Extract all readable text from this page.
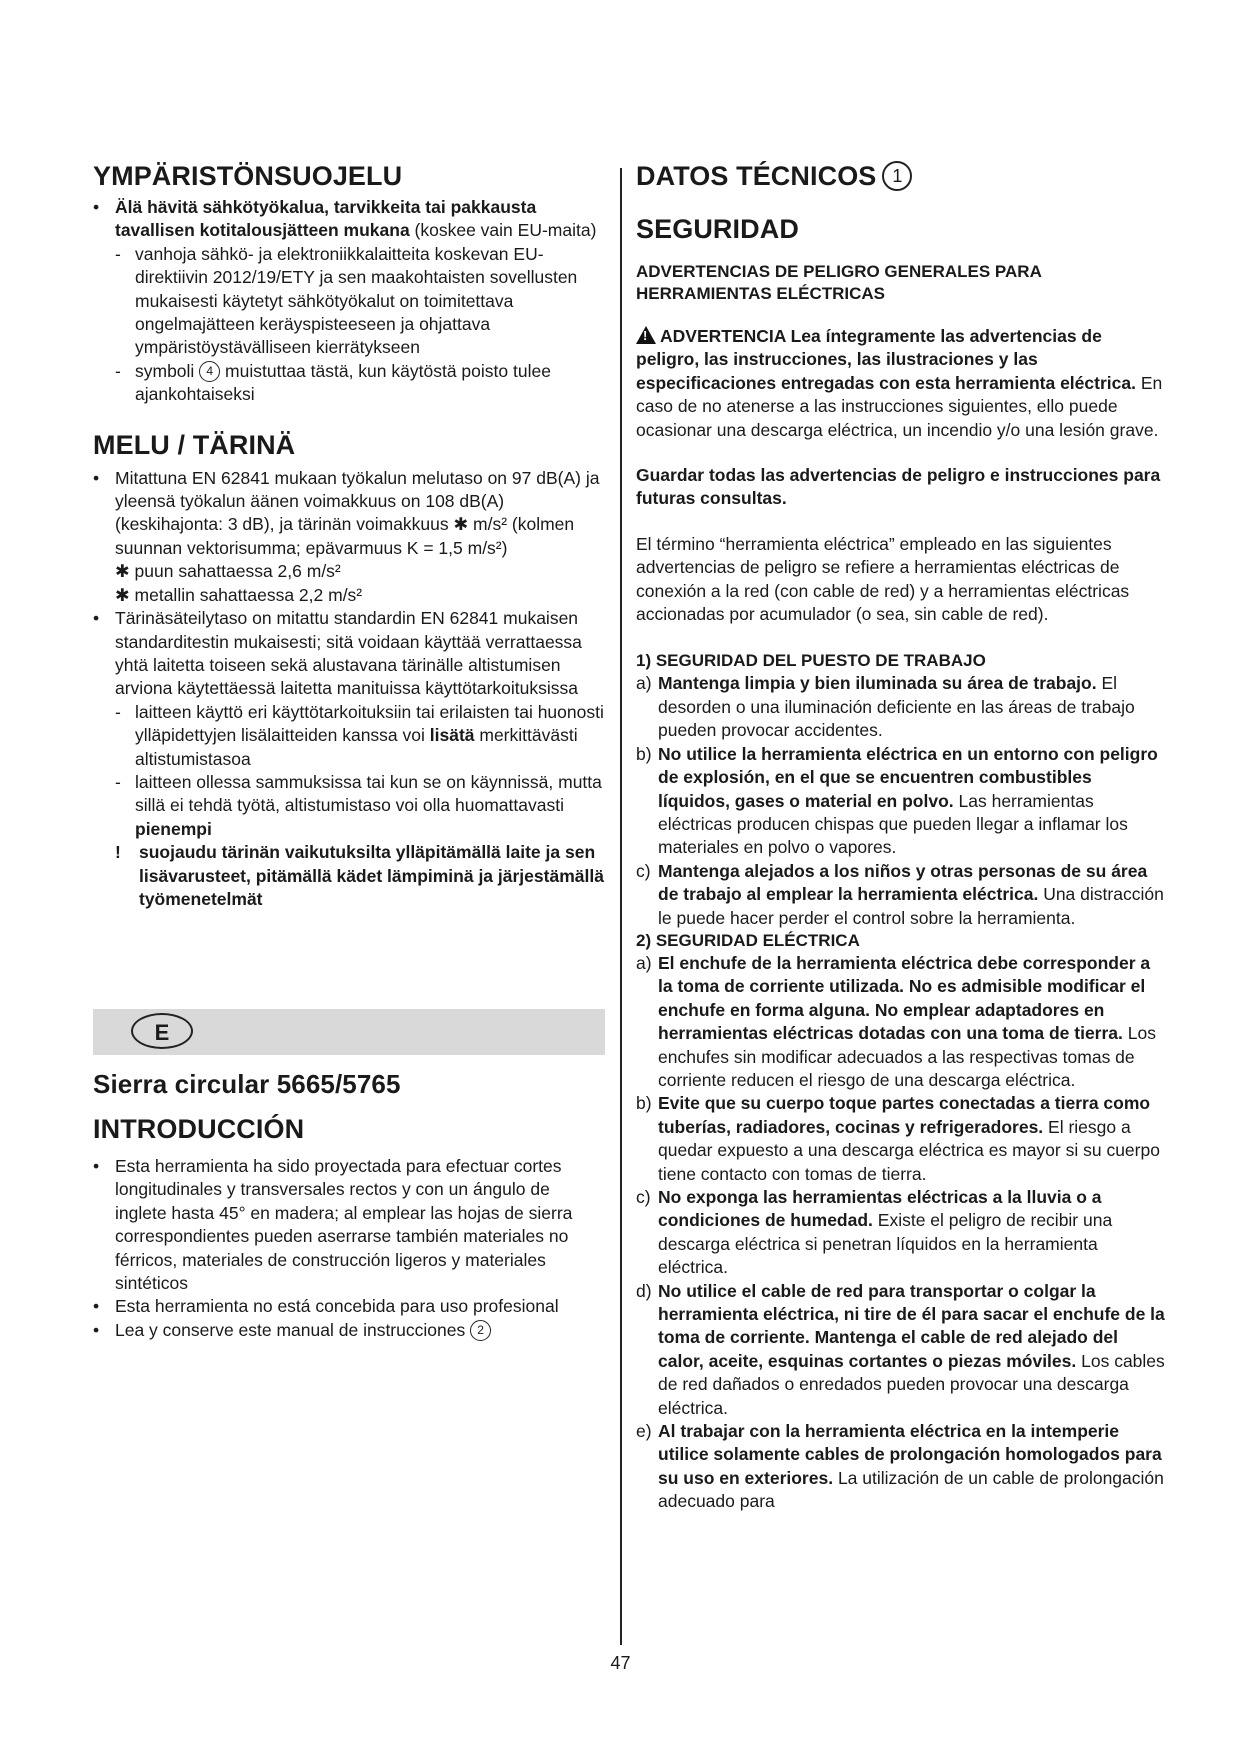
YMPÄRISTÖNSUOJELU
• Älä hävitä sähkötyökalua, tarvikkeita tai pakkausta tavallisen kotitalousjätteen mukana (koskee vain EU-maita)
- vanhoja sähkö- ja elektroniikkalaitteita koskevan EU-direktiivin 2012/19/ETY ja sen maakohtaisten sovellusten mukaisesti käytetyt sähkötyökalut on toimitettava ongelmajätteen keräyspisteeseen ja ohjattava ympäristöystävälliseen kierrätykseen
- symboli 4 muistuttaa tästä, kun käytöstä poisto tulee ajankohtaiseksi
MELU / TÄRINÄ
• Mitattuna EN 62841 mukaan työkalun melutaso on 97 dB(A) ja yleensä työkalun äänen voimakkuus on 108 dB(A) (keskihajonta: 3 dB), ja tärinän voimakkuus ✱ m/s² (kolmen suunnan vektorisumma; epävarmuus K = 1,5 m/s²)
✱ puun sahattaessa 2,6 m/s²
✱ metallin sahattaessa 2,2 m/s²
• Tärinäsäteilytaso on mitattu standardin EN 62841 mukaisen standarditestin mukaisesti; sitä voidaan käyttää verrattaessa yhtä laitetta toiseen sekä alustavana tärinälle altistumisen arviona käytettäessä laitetta manituissa käyttötarkoituksissa
- laitteen käyttö eri käyttötarkoituksiin tai erilaisten tai huonosti ylläpidettyjen lisälaitteiden kanssa voi lisätä merkittävästi altistumistasoa
- laitteen ollessa sammuksissa tai kun se on käynnissä, mutta sillä ei tehdä työtä, altistumistaso voi olla huomattavasti pienempi
! suojaudu tärinän vaikutuksilta ylläpitämällä laite ja sen lisävarusteet, pitämällä kädet lämpiminä ja järjestämällä työmenetelmät
E
Sierra circular 5665/5765
INTRODUCCIÓN
• Esta herramienta ha sido proyectada para efectuar cortes longitudinales y transversales rectos y con un ángulo de inglete hasta 45° en madera; al emplear las hojas de sierra correspondientes pueden aserrarse también materiales no férricos, materiales de construcción ligeros y materiales sintéticos
• Esta herramienta no está concebida para uso profesional
• Lea y conserve este manual de instrucciones 2
DATOS TÉCNICOS 1
SEGURIDAD
ADVERTENCIAS DE PELIGRO GENERALES PARA HERRAMIENTAS ELÉCTRICAS

!ADVERTENCIA Lea íntegramente las advertencias de peligro, las instrucciones, las ilustraciones y las especificaciones entregadas con esta herramienta eléctrica. En caso de no atenerse a las instrucciones siguientes, ello puede ocasionar una descarga eléctrica, un incendio y/o una lesión grave.

Guardar todas las advertencias de peligro e instrucciones para futuras consultas.

El término “herramienta eléctrica” empleado en las siguientes advertencias de peligro se refiere a herramientas eléctricas de conexión a la red (con cable de red) y a herramientas eléctricas accionadas por acumulador (o sea, sin cable de red).

1) SEGURIDAD DEL PUESTO DE TRABAJO
a) Mantenga limpia y bien iluminada su área de trabajo. El desorden o una iluminación deficiente en las áreas de trabajo pueden provocar accidentes.
b) No utilice la herramienta eléctrica en un entorno con peligro de explosión, en el que se encuentren combustibles líquidos, gases o material en polvo. Las herramientas eléctricas producen chispas que pueden llegar a inflamar los materiales en polvo o vapores.
c) Mantenga alejados a los niños y otras personas de su área de trabajo al emplear la herramienta eléctrica. Una distracción le puede hacer perder el control sobre la herramienta.
2) SEGURIDAD ELÉCTRICA
a) El enchufe de la herramienta eléctrica debe corresponder a la toma de corriente utilizada. No es admisible modificar el enchufe en forma alguna. No emplear adaptadores en herramientas eléctricas dotadas con una toma de tierra. Los enchufes sin modificar adecuados a las respectivas tomas de corriente reducen el riesgo de una descarga eléctrica.
b) Evite que su cuerpo toque partes conectadas a tierra como tuberías, radiadores, cocinas y refrigeradores. El riesgo a quedar expuesto a una descarga eléctrica es mayor si su cuerpo tiene contacto con tomas de tierra.
c) No exponga las herramientas eléctricas a la lluvia o a condiciones de humedad. Existe el peligro de recibir una descarga eléctrica si penetran líquidos en la herramienta eléctrica.
d) No utilice el cable de red para transportar o colgar la herramienta eléctrica, ni tire de él para sacar el enchufe de la toma de corriente. Mantenga el cable de red alejado del calor, aceite, esquinas cortantes o piezas móviles. Los cables de red dañados o enredados pueden provocar una descarga eléctrica.
e) Al trabajar con la herramienta eléctrica en la intemperie utilice solamente cables de prolongación homologados para su uso en exteriores. La utilización de un cable de prolongación adecuado para
47
